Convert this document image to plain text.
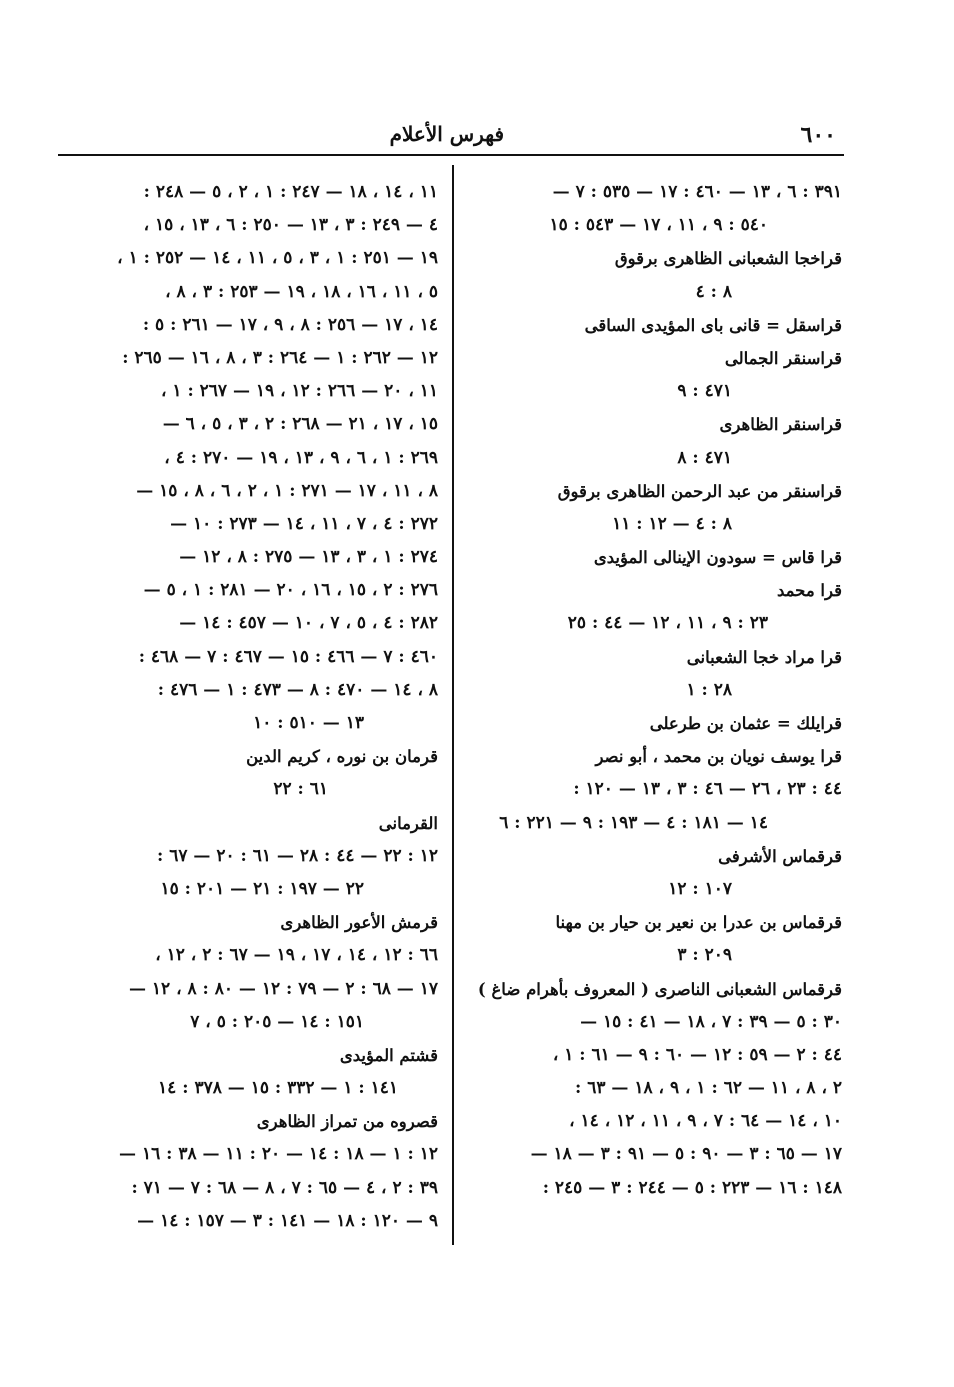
٦٠٠
فهرس الأعلام
٣٩١ : ٦ ، ١٣ — ٤٦٠ : ١٧ — ٥٣٥ : ٧ —
٥٤٠ : ٩ ، ١١ ، ١٧ — ٥٤٣ : ١٥
قراخجا الشعبانى الظاهرى برقوق
٨ : ٤
قراسقل = قانى باى المؤيدى الساقى
قراسنقر الجمالى
٤٧١ : ٩
قراسنقر الظاهرى
٤٧١ : ٨
قراسنقر من عبد الرحمن الظاهرى برقوق
٨ : ٤ — ١٢ : ١١
قرا قاس = سودون الإينالى المؤيدى
قرا محمد
٢٣ : ٩ ، ١١ ، ١٢ — ٤٤ : ٢٥
قرا مراد خجا الشعبانى
٢٨ : ١
قرايلك = عثمان بن طرعلى
قرا يوسف نويان بن محمد ، أبو نصر
٤٤ : ٢٣ ، ٢٦ — ٤٦ : ٣ ، ١٣ — ١٢٠ :
١٤ — ١٨١ : ٤ — ١٩٣ : ٩ — ٢٢١ : ٦
قرقماس الأشرفى
١٠٧ : ١٢
قرقماس بن عدرا بن نعير بن حيار بن مهنا
٢٠٩ : ٣
قرقماس الشعبانى الناصرى ( المعروف بأهرام ضاغ )
٣٠ : ٥ — ٣٩ : ٧ ، ١٨ — ٤١ : ١٥ —
٤٤ : ٢ — ٥٩ : ١٢ — ٦٠ : ٩ — ٦١ : ١ ،
٢ ، ٨ ، ١١ — ٦٢ : ١ ، ٩ ، ١٨ — ٦٣ :
١٠ ، ١٤ — ٦٤ : ٧ ، ٩ ، ١١ ، ١٢ ، ١٤ ،
١٧ — ٦٥ : ٣ — ٩٠ : ٥ — ٩١ : ٣ — ١٨ —
١٤٨ : ١٦ — ٢٢٣ : ٥ — ٢٤٤ : ٣ — ٢٤٥ :
١١ ، ١٤ ، ١٨ — ٢٤٧ : ١ ، ٢ ، ٥ — ٢٤٨ :
٤ — ٢٤٩ : ٣ ، ١٣ — ٢٥٠ : ٦ ، ١٣ ، ١٥ ،
١٩ — ٢٥١ : ١ ، ٣ ، ٥ ، ١١ ، ١٤ — ٢٥٢ : ١ ،
٥ ، ١١ ، ١٦ ، ١٨ ، ١٩ — ٢٥٣ : ٣ ، ٨ ،
١٤ ، ١٧ — ٢٥٦ : ٨ ، ٩ ، ١٧ — ٢٦١ : ٥ :
١٢ — ٢٦٢ : ١ — ٢٦٤ : ٣ ، ٨ ، ١٦ — ٢٦٥ :
١١ ، ٢٠ — ٢٦٦ : ١٢ ، ١٩ — ٢٦٧ : ١ ،
١٥ ، ١٧ ، ٢١ — ٢٦٨ : ٢ ، ٣ ، ٥ ، ٦ —
٢٦٩ : ١ ، ٦ ، ٩ ، ١٣ ، ١٩ — ٢٧٠ : ٤ ،
٨ ، ١١ ، ١٧ — ٢٧١ : ١ ، ٢ ، ٦ ، ٨ ، ١٥ —
٢٧٢ : ٤ ، ٧ ، ١١ ، ١٤ — ٢٧٣ : ١٠ —
٢٧٤ : ١ ، ٣ ، ١٣ — ٢٧٥ : ٨ ، ١٢ —
٢٧٦ : ٢ ، ١٥ ، ١٦ ، ٢٠ — ٢٨١ : ١ ، ٥ —
٢٨٢ : ٤ ، ٥ ، ٧ ، ١٠ — ٤٥٧ : ١٤ —
٤٦٠ : ٧ — ٤٦٦ : ١٥ — ٤٦٧ : ٧ — ٤٦٨ :
٨ ، ١٤ — ٤٧٠ : ٨ — ٤٧٣ : ١ — ٤٧٦ :
١٣ — ٥١٠ : ١٠
قرمان بن نوره ، كريم الدين
٦١ : ٢٢
القرمانى
١٢ : ٢٢ — ٤٤ : ٢٨ — ٦١ : ٢٠ — ٦٧ :
٢٢ — ١٩٧ : ٢١ — ٢٠١ : ١٥
قرمش الأعور الظاهرى
٦٦ : ١٢ ، ١٤ ، ١٧ ، ١٩ — ٦٧ : ٢ ، ١٢ ،
١٧ — ٦٨ : ٢ — ٧٩ : ١٢ — ٨٠ : ٨ ، ١٢ —
١٥١ : ١٤ — ٢٠٥ : ٥ ، ٧
قشتم المؤيدى
١٤١ : ١ — ٣٣٢ : ١٥ — ٣٧٨ : ١٤
قصروه من تمراز الظاهرى
١٢ : ١ — ١٨ : ١٤ — ٢٠ : ١١ — ٣٨ : ١٦ —
٣٩ : ٢ ، ٤ — ٦٥ : ٧ ، ٨ — ٦٨ : ٧ — ٧١ :
٩ — ١٢٠ : ١٨ — ١٤١ : ٣ — ١٥٧ : ١٤ —
